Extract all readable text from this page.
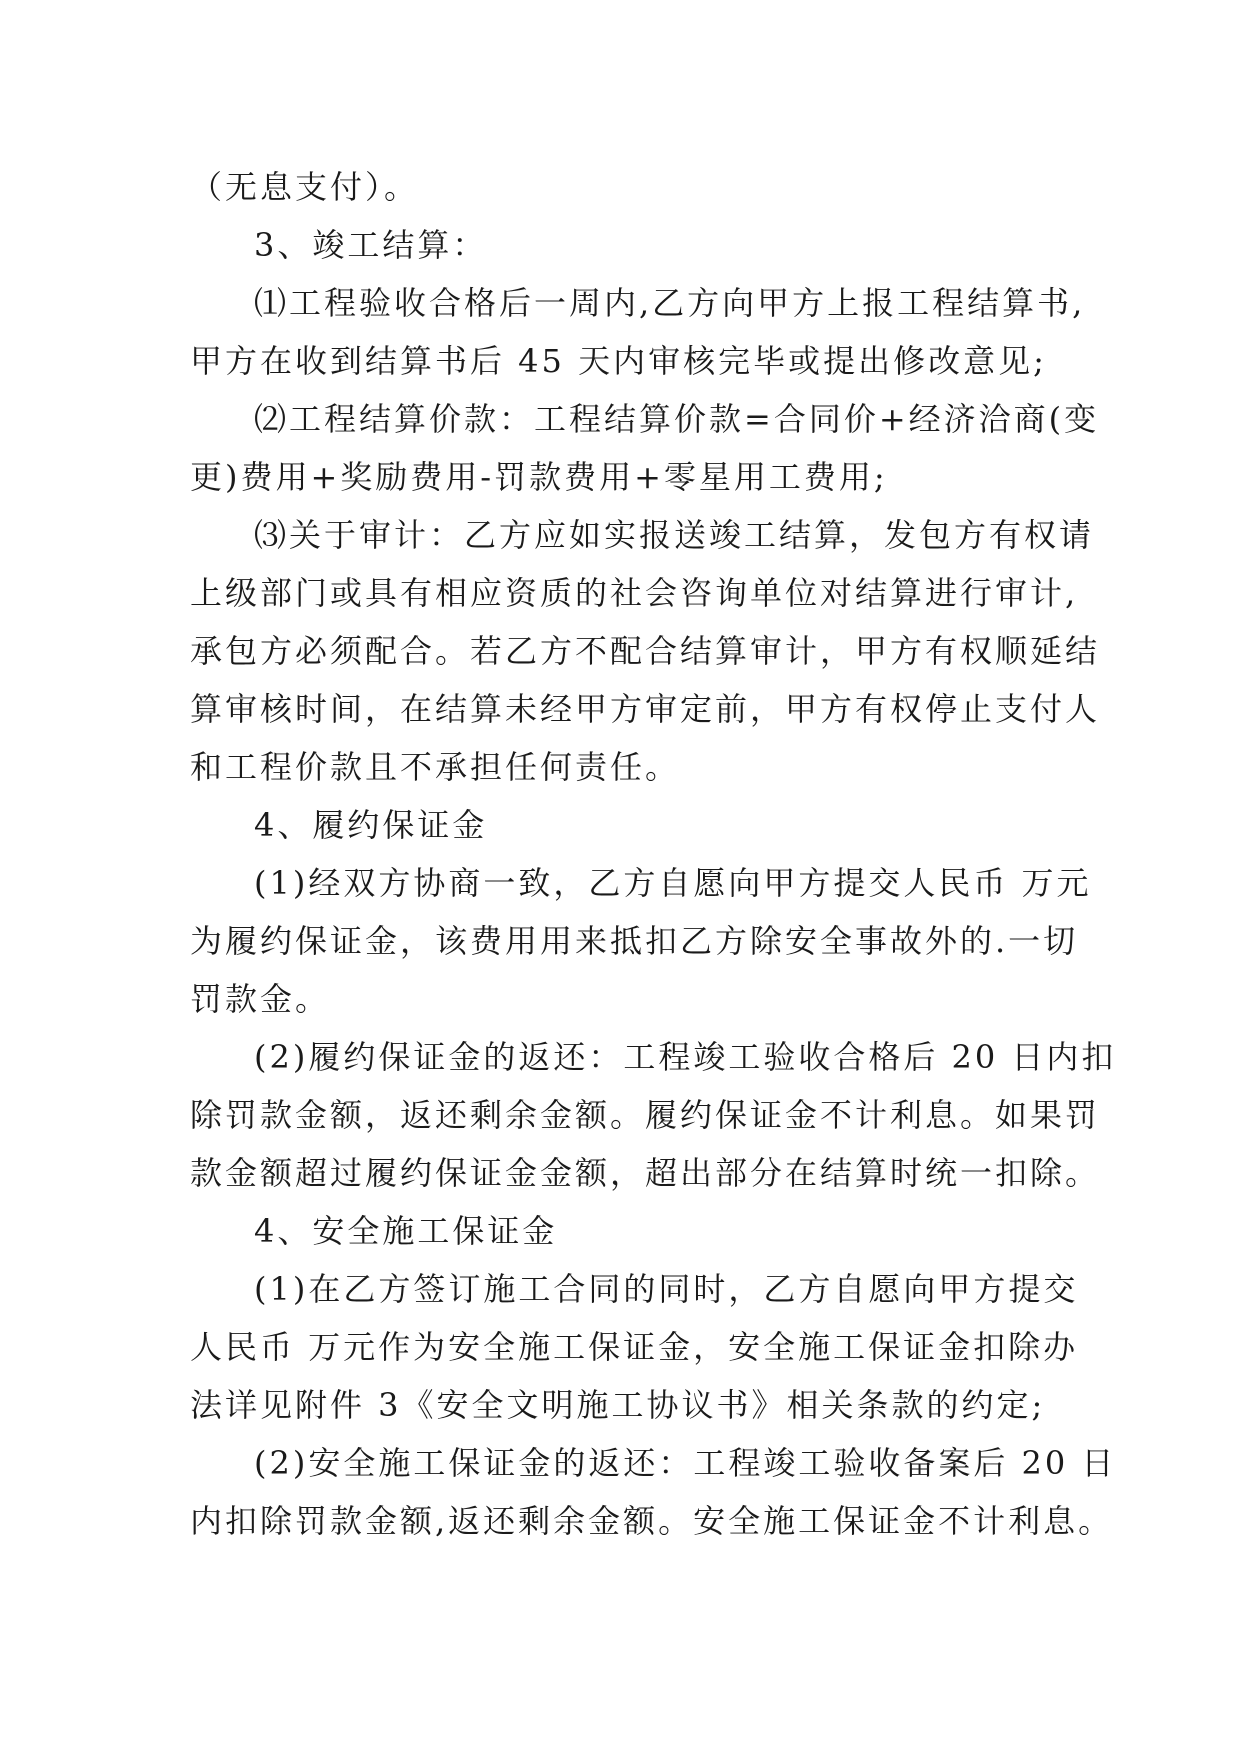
（无息支付）。
3、竣工结算：
⑴工程验收合格后一周内,乙方向甲方上报工程结算书,
甲方在收到结算书后 45 天内审核完毕或提出修改意见;
⑵工程结算价款：工程结算价款=合同价+经济洽商(变
更)费用+奖励费用-罚款费用+零星用工费用;
⑶关于审计：乙方应如实报送竣工结算，发包方有权请
上级部门或具有相应资质的社会咨询单位对结算进行审计,
承包方必须配合。若乙方不配合结算审计，甲方有权顺延结
算审核时间，在结算未经甲方审定前，甲方有权停止支付人
和工程价款且不承担任何责任。
4、履约保证金
(1)经双方协商一致，乙方自愿向甲方提交人民币 万元
为履约保证金，该费用用来抵扣乙方除安全事故外的.一切
罚款金。
(2)履约保证金的返还：工程竣工验收合格后 20 日内扣
除罚款金额，返还剩余金额。履约保证金不计利息。如果罚
款金额超过履约保证金金额，超出部分在结算时统一扣除。
4、安全施工保证金
(1)在乙方签订施工合同的同时，乙方自愿向甲方提交
人民币 万元作为安全施工保证金，安全施工保证金扣除办
法详见附件 3《安全文明施工协议书》相关条款的约定;
(2)安全施工保证金的返还：工程竣工验收备案后 20 日
内扣除罚款金额,返还剩余金额。安全施工保证金不计利息。
